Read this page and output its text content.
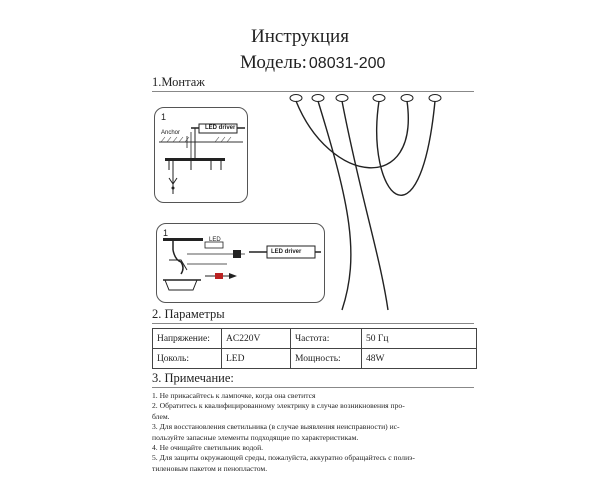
Инструкция
Модель: 08031-200
1.Монтаж
1
Anchor
LED driver
1
LED
LED driver
2. Параметры
Напряжение:	AC220V	Частота:	50 Гц
Цоколь:	LED	Мощность:	48W
3. Примечание:
1. Не прикасайтесь к лампочке, когда она светится
2. Обратитесь к квалифицированному электрику в случае возникновения про-
блем.
3. Для восстановления светильника (в случае выявления неисправности) ис-
пользуйте запасные элементы подходящие по характеристикам.
4. Не очищайте светильник водой.
5. Для защиты окружающей среды, пожалуйста, аккуратно обращайтесь с полиэ-
тиленовым пакетом и пенопластом.
